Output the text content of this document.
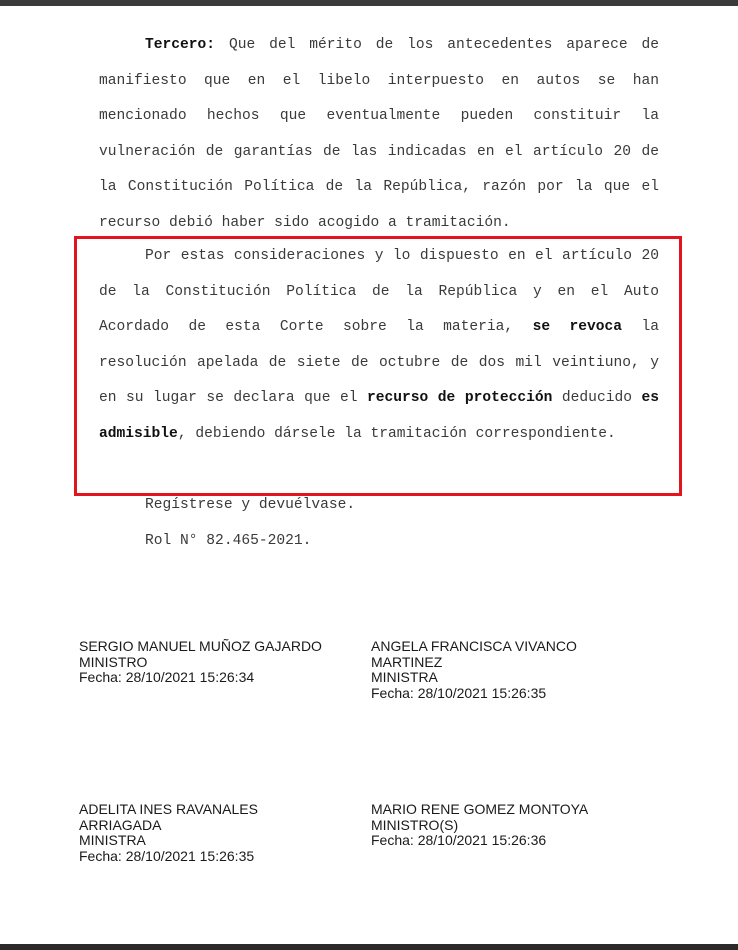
Tercero: Que del mérito de los antecedentes aparece de manifiesto que en el libelo interpuesto en autos se han mencionado hechos que eventualmente pueden constituir la vulneración de garantías de las indicadas en el artículo 20 de la Constitución Política de la República, razón por la que el recurso debió haber sido acogido a tramitación.

Por estas consideraciones y lo dispuesto en el artículo 20 de la Constitución Política de la República y en el Auto Acordado de esta Corte sobre la materia, se revoca la resolución apelada de siete de octubre de dos mil veintiuno, y en su lugar se declara que el recurso de protección deducido es admisible, debiendo dársele la tramitación correspondiente.

Regístrese y devuélvase.

Rol N° 82.465-2021.

SERGIO MANUEL MUÑOZ GAJARDO
MINISTRO
Fecha: 28/10/2021 15:26:34
ANGELA FRANCISCA VIVANCO
MARTINEZ
MINISTRA
Fecha: 28/10/2021 15:26:35
ADELITA INES RAVANALES
ARRIAGADA
MINISTRA
Fecha: 28/10/2021 15:26:35
MARIO RENE GOMEZ MONTOYA
MINISTRO(S)
Fecha: 28/10/2021 15:26:36
